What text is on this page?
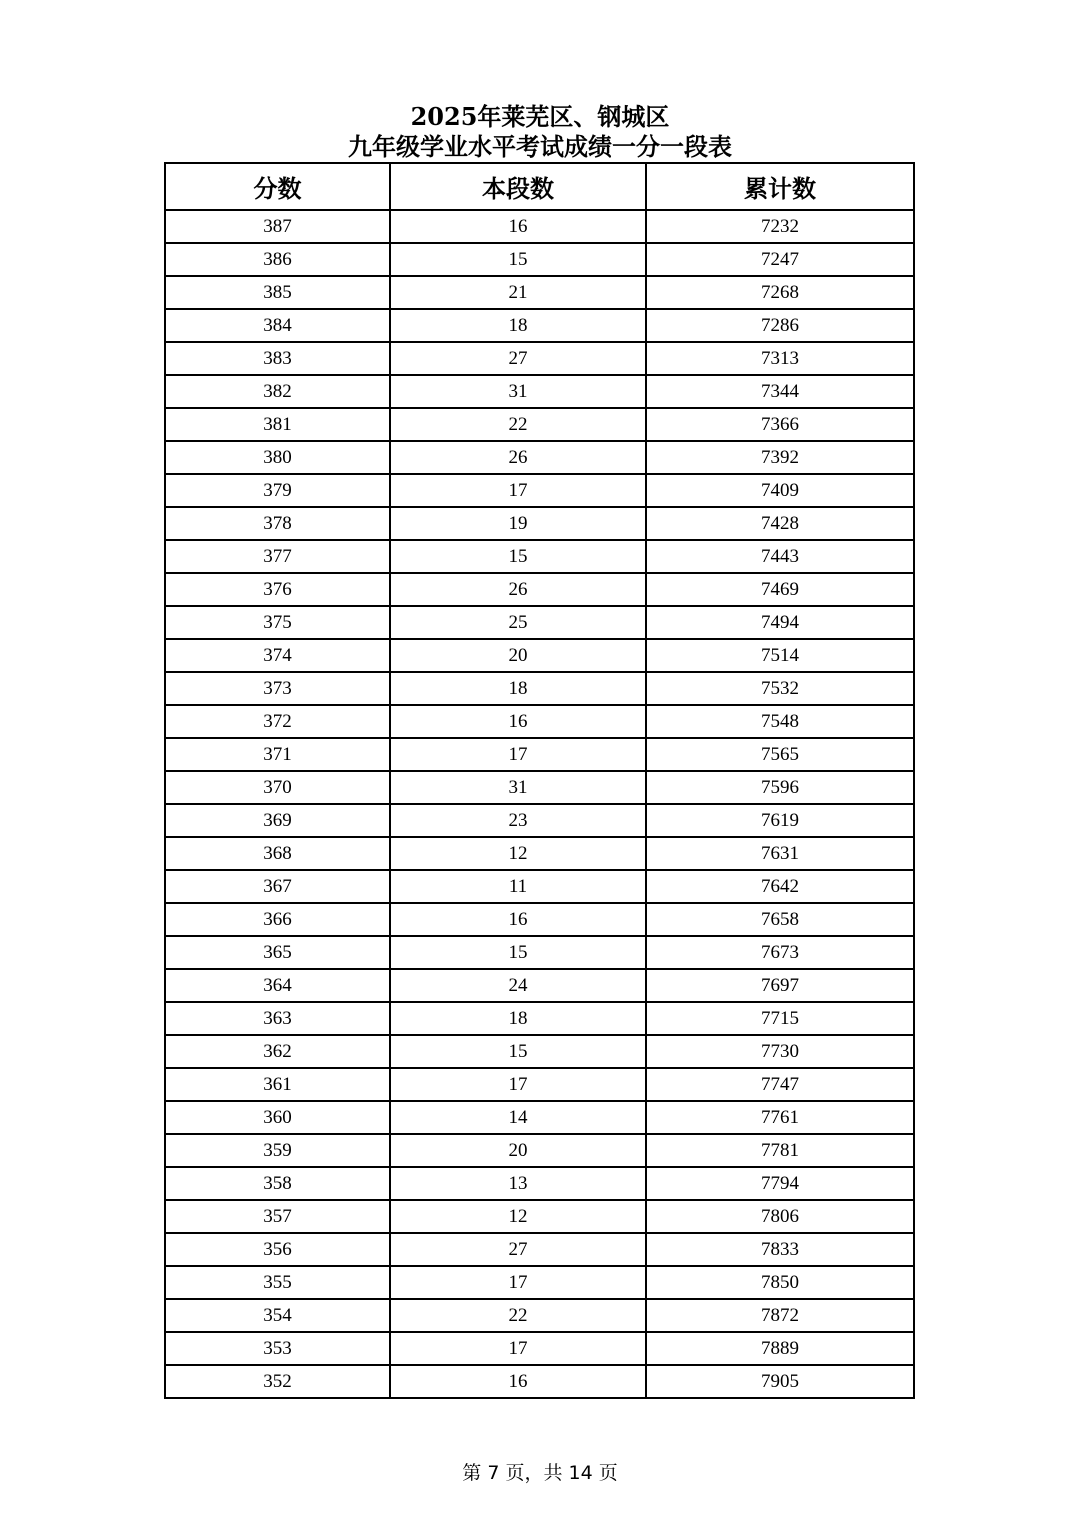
2025年莱芜区、钢城区
九年级学业水平考试成绩一分一段表
分数	本段数	累计数
387	16	7232
386	15	7247
385	21	7268
384	18	7286
383	27	7313
382	31	7344
381	22	7366
380	26	7392
379	17	7409
378	19	7428
377	15	7443
376	26	7469
375	25	7494
374	20	7514
373	18	7532
372	16	7548
371	17	7565
370	31	7596
369	23	7619
368	12	7631
367	11	7642
366	16	7658
365	15	7673
364	24	7697
363	18	7715
362	15	7730
361	17	7747
360	14	7761
359	20	7781
358	13	7794
357	12	7806
356	27	7833
355	17	7850
354	22	7872
353	17	7889
352	16	7905
第 7 页，共 14 页
